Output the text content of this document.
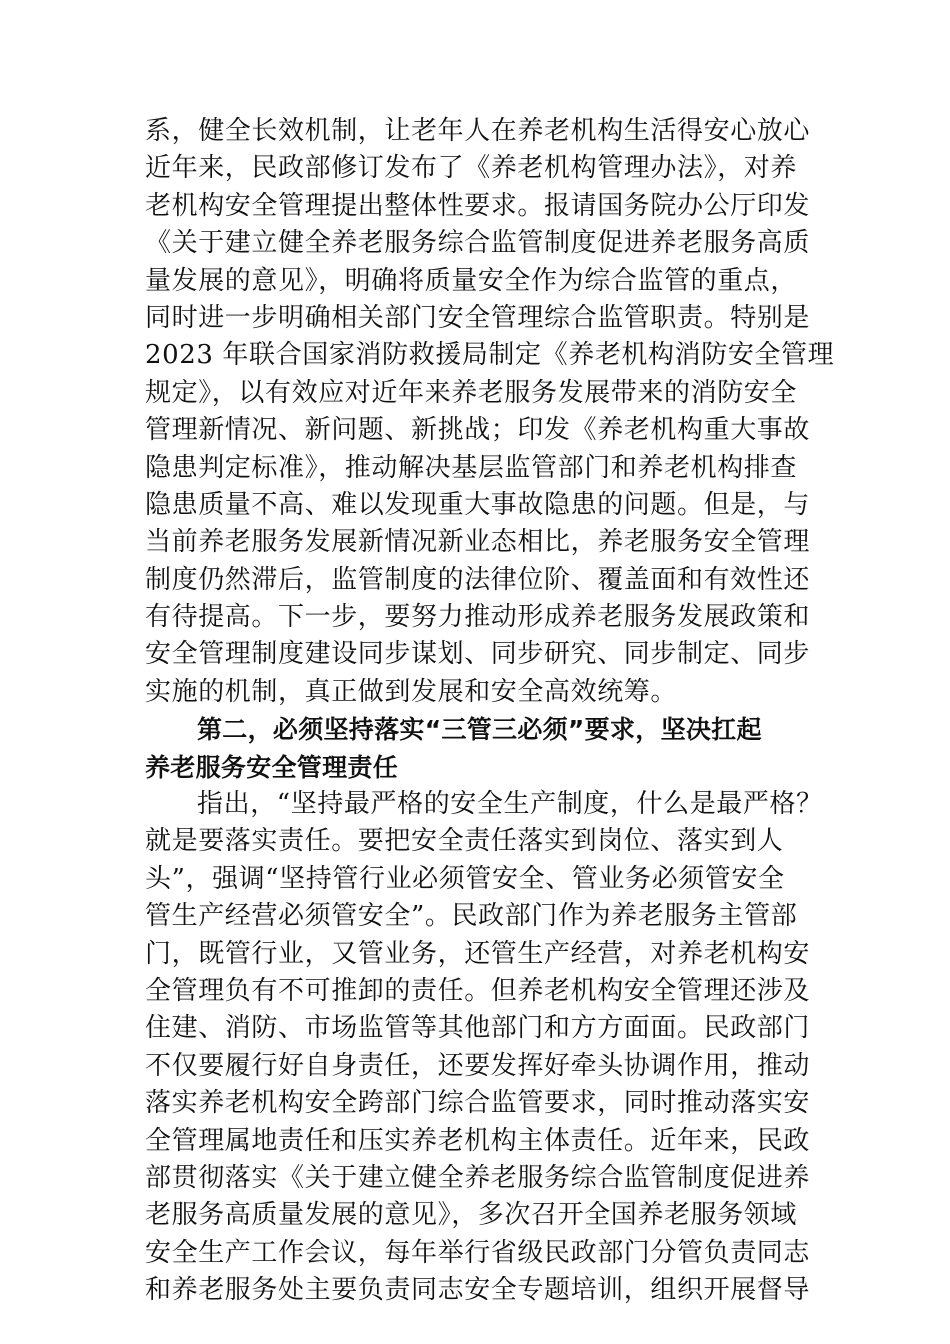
系，健全长效机制，让老年人在养老机构生活得安心放心
近年来，民政部修订发布了《养老机构管理办法》，对养
老机构安全管理提出整体性要求。报请国务院办公厅印发
《关于建立健全养老服务综合监管制度促进养老服务高质
量发展的意见》，明确将质量安全作为综合监管的重点，
同时进一步明确相关部门安全管理综合监管职责。特别是
2023 年联合国家消防救援局制定《养老机构消防安全管理
规定》，以有效应对近年来养老服务发展带来的消防安全
管理新情况、新问题、新挑战；印发《养老机构重大事故
隐患判定标准》，推动解决基层监管部门和养老机构排查
隐患质量不高、难以发现重大事故隐患的问题。但是，与
当前养老服务发展新情况新业态相比，养老服务安全管理
制度仍然滞后，监管制度的法律位阶、覆盖面和有效性还
有待提高。下一步，要努力推动形成养老服务发展政策和
安全管理制度建设同步谋划、同步研究、同步制定、同步
实施的机制，真正做到发展和安全高效统筹。
第二，必须坚持落实“三管三必须”要求，坚决扛起
养老服务安全管理责任
指出，“坚持最严格的安全生产制度，什么是最严格？
就是要落实责任。要把安全责任落实到岗位、落实到人
头”，强调“坚持管行业必须管安全、管业务必须管安全
管生产经营必须管安全”。民政部门作为养老服务主管部
门，既管行业，又管业务，还管生产经营，对养老机构安
全管理负有不可推卸的责任。但养老机构安全管理还涉及
住建、消防、市场监管等其他部门和方方面面。民政部门
不仅要履行好自身责任，还要发挥好牵头协调作用，推动
落实养老机构安全跨部门综合监管要求，同时推动落实安
全管理属地责任和压实养老机构主体责任。近年来，民政
部贯彻落实《关于建立健全养老服务综合监管制度促进养
老服务高质量发展的意见》，多次召开全国养老服务领域
安全生产工作会议，每年举行省级民政部门分管负责同志
和养老服务处主要负责同志安全专题培训，组织开展督导
